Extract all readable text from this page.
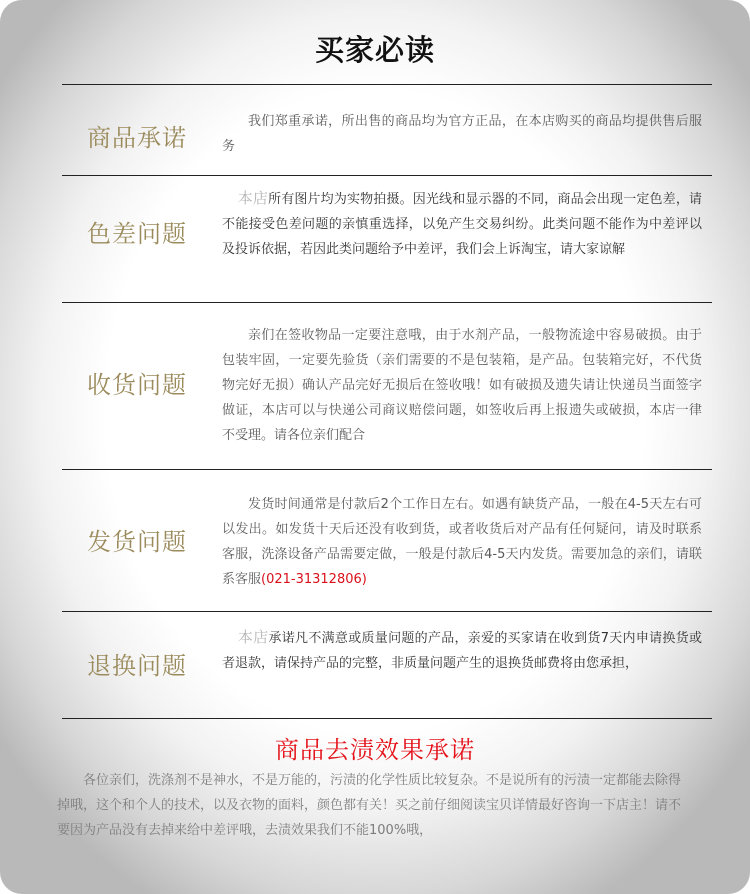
买家必读
商品承诺
我们郑重承诺，所出售的商品均为官方正品，在本店购买的商品均提供售后服务
色差问题
本店所有图片均为实物拍摄。因光线和显示器的不同，商品会出现一定色差，请不能接受色差问题的亲慎重选择，以免产生交易纠纷。此类问题不能作为中差评以及投诉依据，若因此类问题给予中差评，我们会上诉淘宝，请大家谅解
收货问题
亲们在签收物品一定要注意哦，由于水剂产品，一般物流途中容易破损。由于包装牢固，一定要先验货（亲们需要的不是包装箱，是产品。包装箱完好，不代货物完好无损）确认产品完好无损后在签收哦！如有破损及遗失请让快递员当面签字做证，本店可以与快递公司商议赔偿问题，如签收后再上报遗失或破损，本店一律不受理。请各位亲们配合
发货问题
发货时间通常是付款后2个工作日左右。如遇有缺货产品，一般在4-5天左右可以发出。如发货十天后还没有收到货，或者收货后对产品有任何疑问，请及时联系客服，洗涤设备产品需要定做，一般是付款后4-5天内发货。需要加急的亲们，请联系客服(021-31312806)
退换问题
本店承诺凡不满意或质量问题的产品，亲爱的买家请在收到货7天内申请换货或者退款，请保持产品的完整，非质量问题产生的退换货邮费将由您承担，
商品去渍效果承诺
各位亲们，洗涤剂不是神水，不是万能的，污渍的化学性质比较复杂。不是说所有的污渍一定都能去除得掉哦，这个和个人的技术，以及衣物的面料，颜色都有关！买之前仔细阅读宝贝详情最好咨询一下店主！请不要因为产品没有去掉来给中差评哦，去渍效果我们不能100%哦，
